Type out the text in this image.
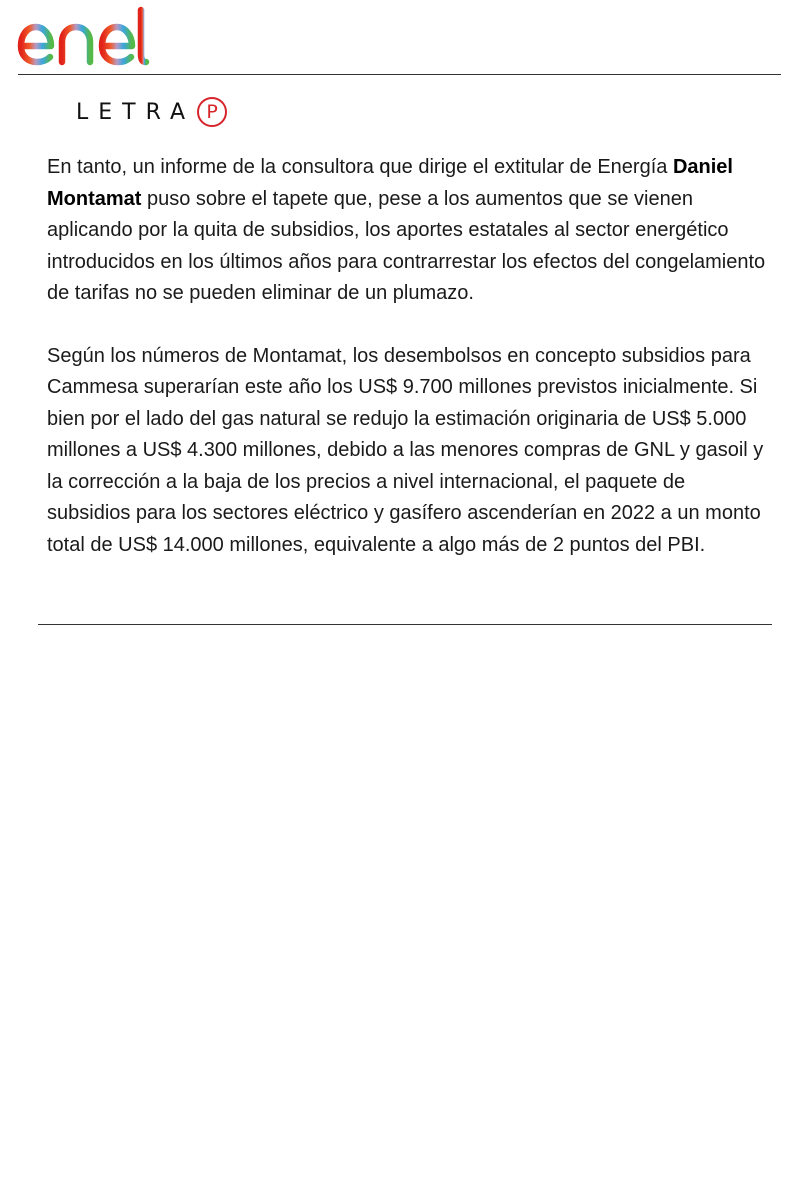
LETRA P

En tanto, un informe de la consultora que dirige el extitular de Energía Daniel Montamat puso sobre el tapete que, pese a los aumentos que se vienen aplicando por la quita de subsidios, los aportes estatales al sector energético introducidos en los últimos años para contrarrestar los efectos del congelamiento de tarifas no se pueden eliminar de un plumazo.

Según los números de Montamat, los desembolsos en concepto subsidios para Cammesa superarían este año los US$ 9.700 millones previstos inicialmente. Si bien por el lado del gas natural se redujo la estimación originaria de US$ 5.000 millones a US$ 4.300 millones, debido a las menores compras de GNL y gasoil y la corrección a la baja de los precios a nivel internacional, el paquete de subsidios para los sectores eléctrico y gasífero ascenderían en 2022 a un monto total de US$ 14.000 millones, equivalente a algo más de 2 puntos del PBI.
